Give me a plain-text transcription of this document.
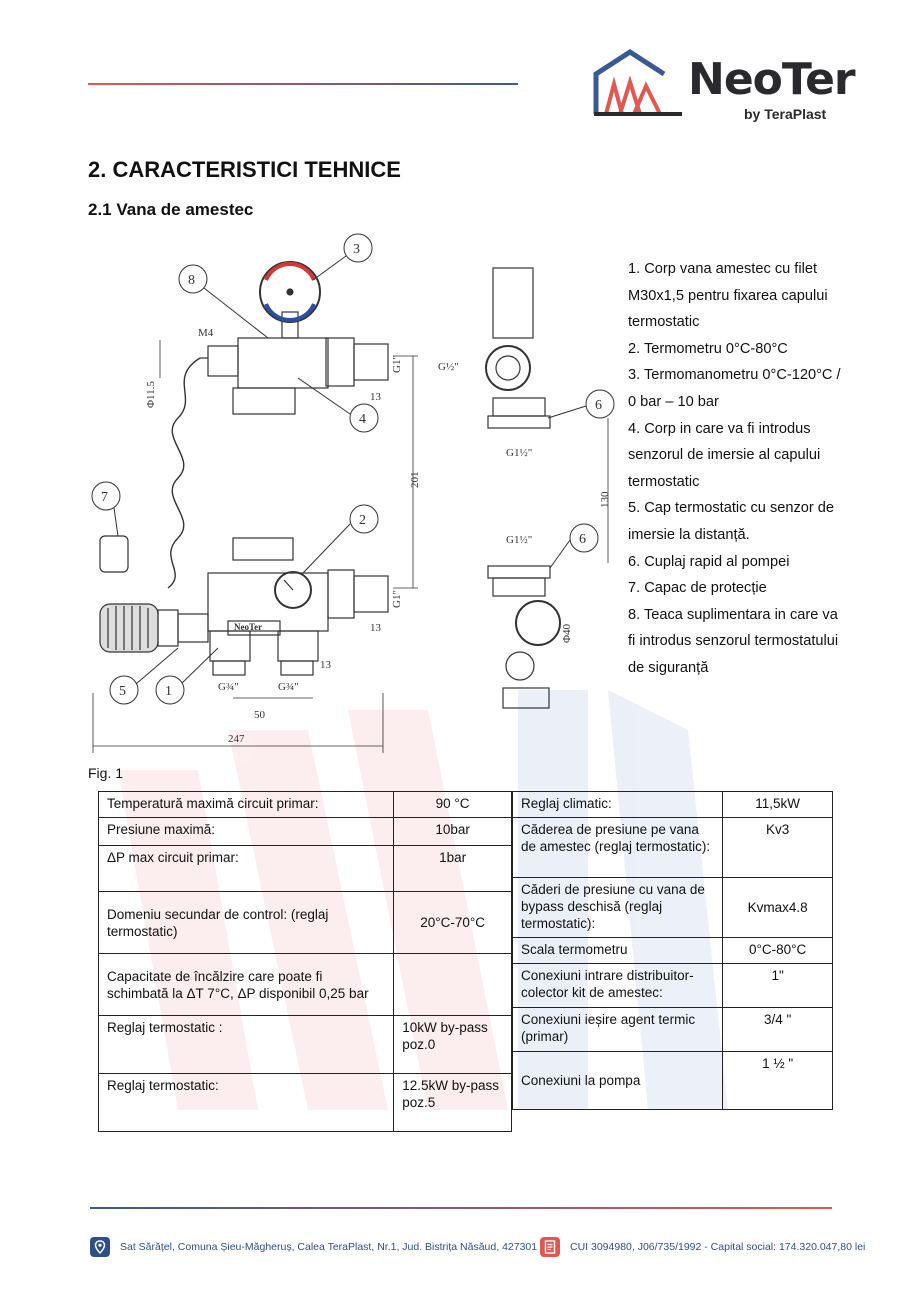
NeoTer
by TeraPlast
2. CARACTERISTICI TEHNICE
2.1 Vana de amestec
3
8
4
2
5	1
7
6
6
M4
Φ11.5
G1"
13
G½"
G1½"
201
130
G1½"
Φ40
G1"
13
13
G¾"	G¾"
50
247
NeoTer
1. Corp vana amestec cu filet M30x1,5 pentru fixarea capului termostatic
2. Termometru 0°C-80°C
3. Termomanometru 0°C-120°C / 0 bar – 10 bar
4. Corp in care va fi introdus senzorul de imersie al capului termostatic
5. Cap termostatic cu senzor de imersie la distanță.
6. Cuplaj rapid al pompei
7. Capac de protecție
8. Teaca suplimentara in care va fi introdus senzorul termostatului de siguranță
Fig. 1
Temperatură maximă circuit primar:	90 °C
Presiune maximă:	10bar
ΔP max circuit primar:	1bar
Domeniu secundar de control: (reglaj termostatic)	20°C-70°C
Capacitate de încălzire care poate fi schimbată la ΔT 7°C, ΔP disponibil 0,25 bar	
Reglaj termostatic :	10kW by-pass poz.0
Reglaj termostatic:	12.5kW by-pass poz.5
Reglaj climatic:	11,5kW
Căderea de presiune pe vana de amestec (reglaj termostatic):	Kv3
Căderi de presiune cu vana de bypass deschisă (reglaj termostatic):	Kvmax4.8
Scala termometru	0°C-80°C
Conexiuni intrare distribuitor-colector kit de amestec:	1"
Conexiuni ieșire agent termic (primar)	3/4 "
Conexiuni la pompa	1 ½ "
Sat Sărățel, Comuna Șieu-Măgheruș, Calea TeraPlast, Nr.1, Jud. Bistrița Năsăud, 427301	CUI 3094980, J06/735/1992 - Capital social: 174.320.047,80 lei
